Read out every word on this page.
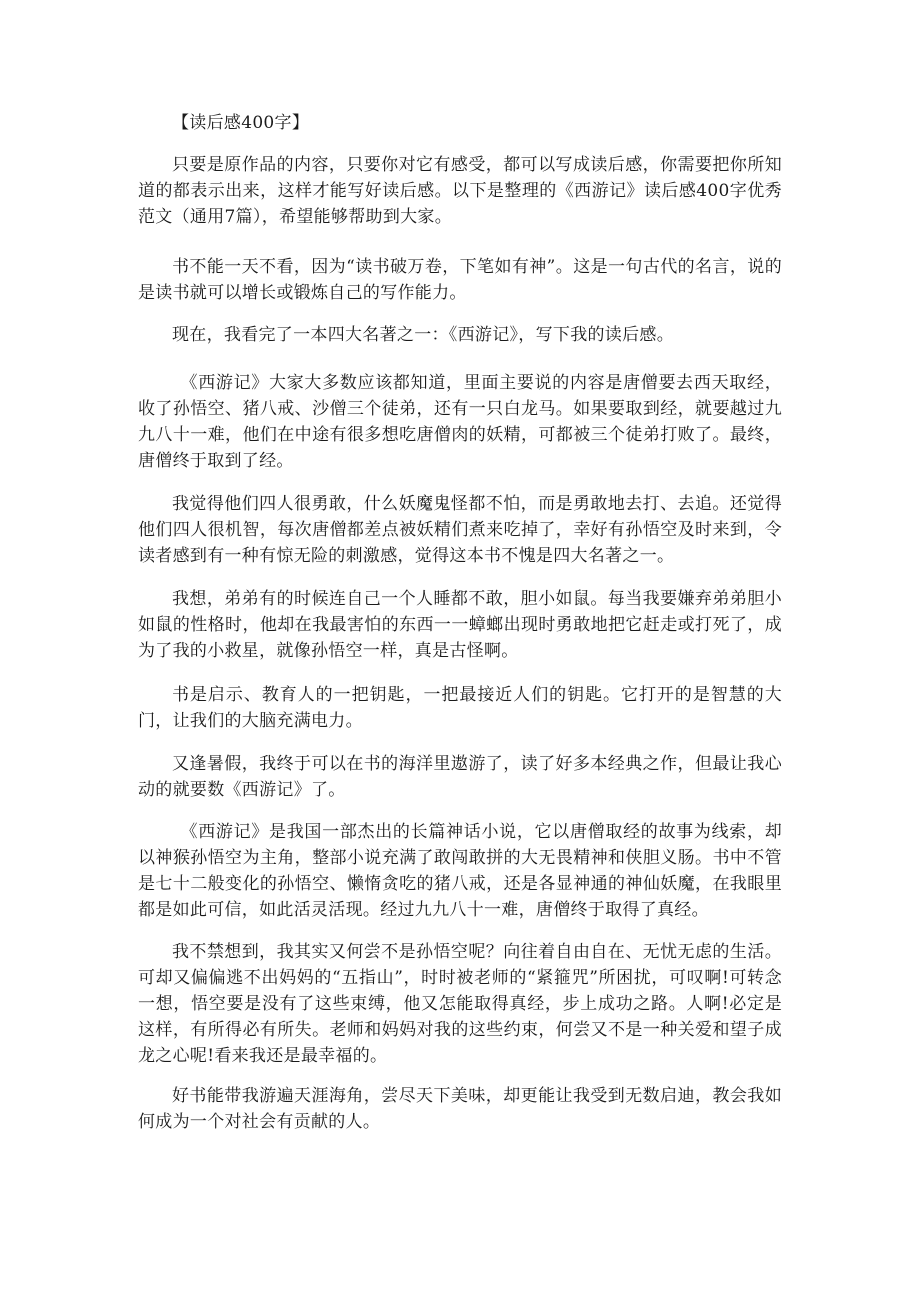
【读后感400字】

只要是原作品的内容，只要你对它有感受，都可以写成读后感，你需要把你所知道的都表示出来，这样才能写好读后感。以下是整理的《西游记》读后感400字优秀范文（通用7篇），希望能够帮助到大家。

书不能一天不看，因为“读书破万卷，下笔如有神”。这是一句古代的名言，说的是读书就可以增长或锻炼自己的写作能力。

现在，我看完了一本四大名著之一：《西游记》，写下我的读后感。

《西游记》大家大多数应该都知道，里面主要说的内容是唐僧要去西天取经，收了孙悟空、猪八戒、沙僧三个徒弟，还有一只白龙马。如果要取到经，就要越过九九八十一难，他们在中途有很多想吃唐僧肉的妖精，可都被三个徒弟打败了。最终，唐僧终于取到了经。

我觉得他们四人很勇敢，什么妖魔鬼怪都不怕，而是勇敢地去打、去追。还觉得他们四人很机智，每次唐僧都差点被妖精们煮来吃掉了，幸好有孙悟空及时来到，令读者感到有一种有惊无险的刺激感，觉得这本书不愧是四大名著之一。

我想，弟弟有的时候连自己一个人睡都不敢，胆小如鼠。每当我要嫌弃弟弟胆小如鼠的性格时，他却在我最害怕的东西一一蟑螂出现时勇敢地把它赶走或打死了，成为了我的小救星，就像孙悟空一样，真是古怪啊。

书是启示、教育人的一把钥匙，一把最接近人们的钥匙。它打开的是智慧的大门，让我们的大脑充满电力。

又逢暑假，我终于可以在书的海洋里遨游了，读了好多本经典之作，但最让我心动的就要数《西游记》了。

《西游记》是我国一部杰出的长篇神话小说，它以唐僧取经的故事为线索，却以神猴孙悟空为主角，整部小说充满了敢闯敢拼的大无畏精神和侠胆义肠。书中不管是七十二般变化的孙悟空、懒惰贪吃的猪八戒，还是各显神通的神仙妖魔，在我眼里都是如此可信，如此活灵活现。经过九九八十一难，唐僧终于取得了真经。

我不禁想到，我其实又何尝不是孙悟空呢？向往着自由自在、无忧无虑的生活。可却又偏偏逃不出妈妈的“五指山”，时时被老师的“紧箍咒”所困扰，可叹啊!可转念一想，悟空要是没有了这些束缚，他又怎能取得真经，步上成功之路。人啊!必定是这样，有所得必有所失。老师和妈妈对我的这些约束，何尝又不是一种关爱和望子成龙之心呢!看来我还是最幸福的。

好书能带我游遍天涯海角，尝尽天下美味，却更能让我受到无数启迪，教会我如何成为一个对社会有贡献的人。
